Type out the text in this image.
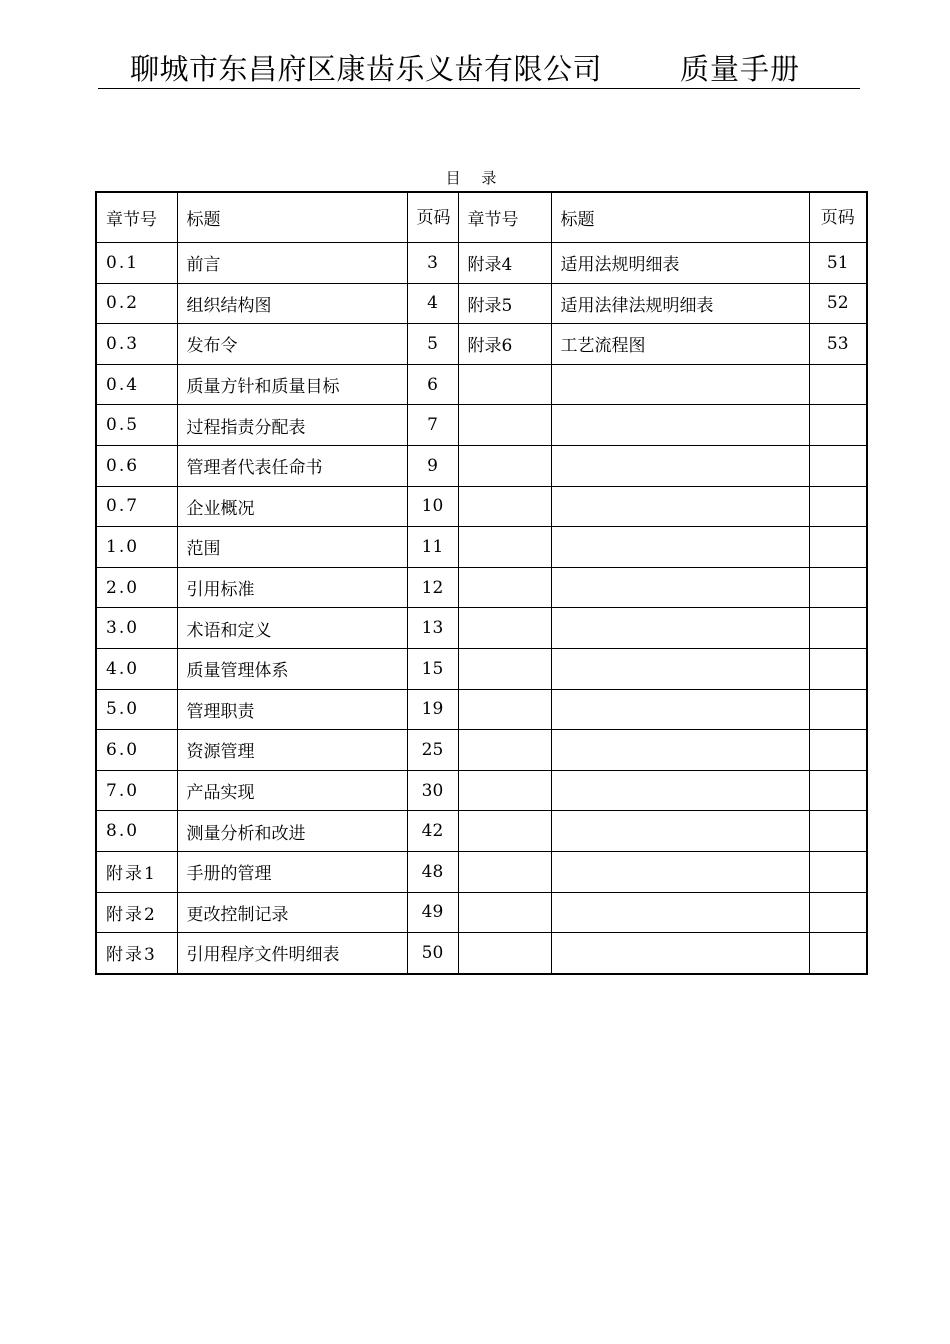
聊城市东昌府区康齿乐义齿有限公司	质量手册
目 录
章节号	标题	页码	章节号	标题	页码
0.1	前言	3	附录4	适用法规明细表	51
0.2	组织结构图	4	附录5	适用法律法规明细表	52
0.3	发布令	5	附录6	工艺流程图	53
0.4	质量方针和质量目标	6			
0.5	过程指责分配表	7			
0.6	管理者代表任命书	9			
0.7	企业概况	10			
1.0	范围	11			
2.0	引用标准	12			
3.0	术语和定义	13			
4.0	质量管理体系	15			
5.0	管理职责	19			
6.0	资源管理	25			
7.0	产品实现	30			
8.0	测量分析和改进	42			
附录1	手册的管理	48			
附录2	更改控制记录	49			
附录3	引用程序文件明细表	50			
